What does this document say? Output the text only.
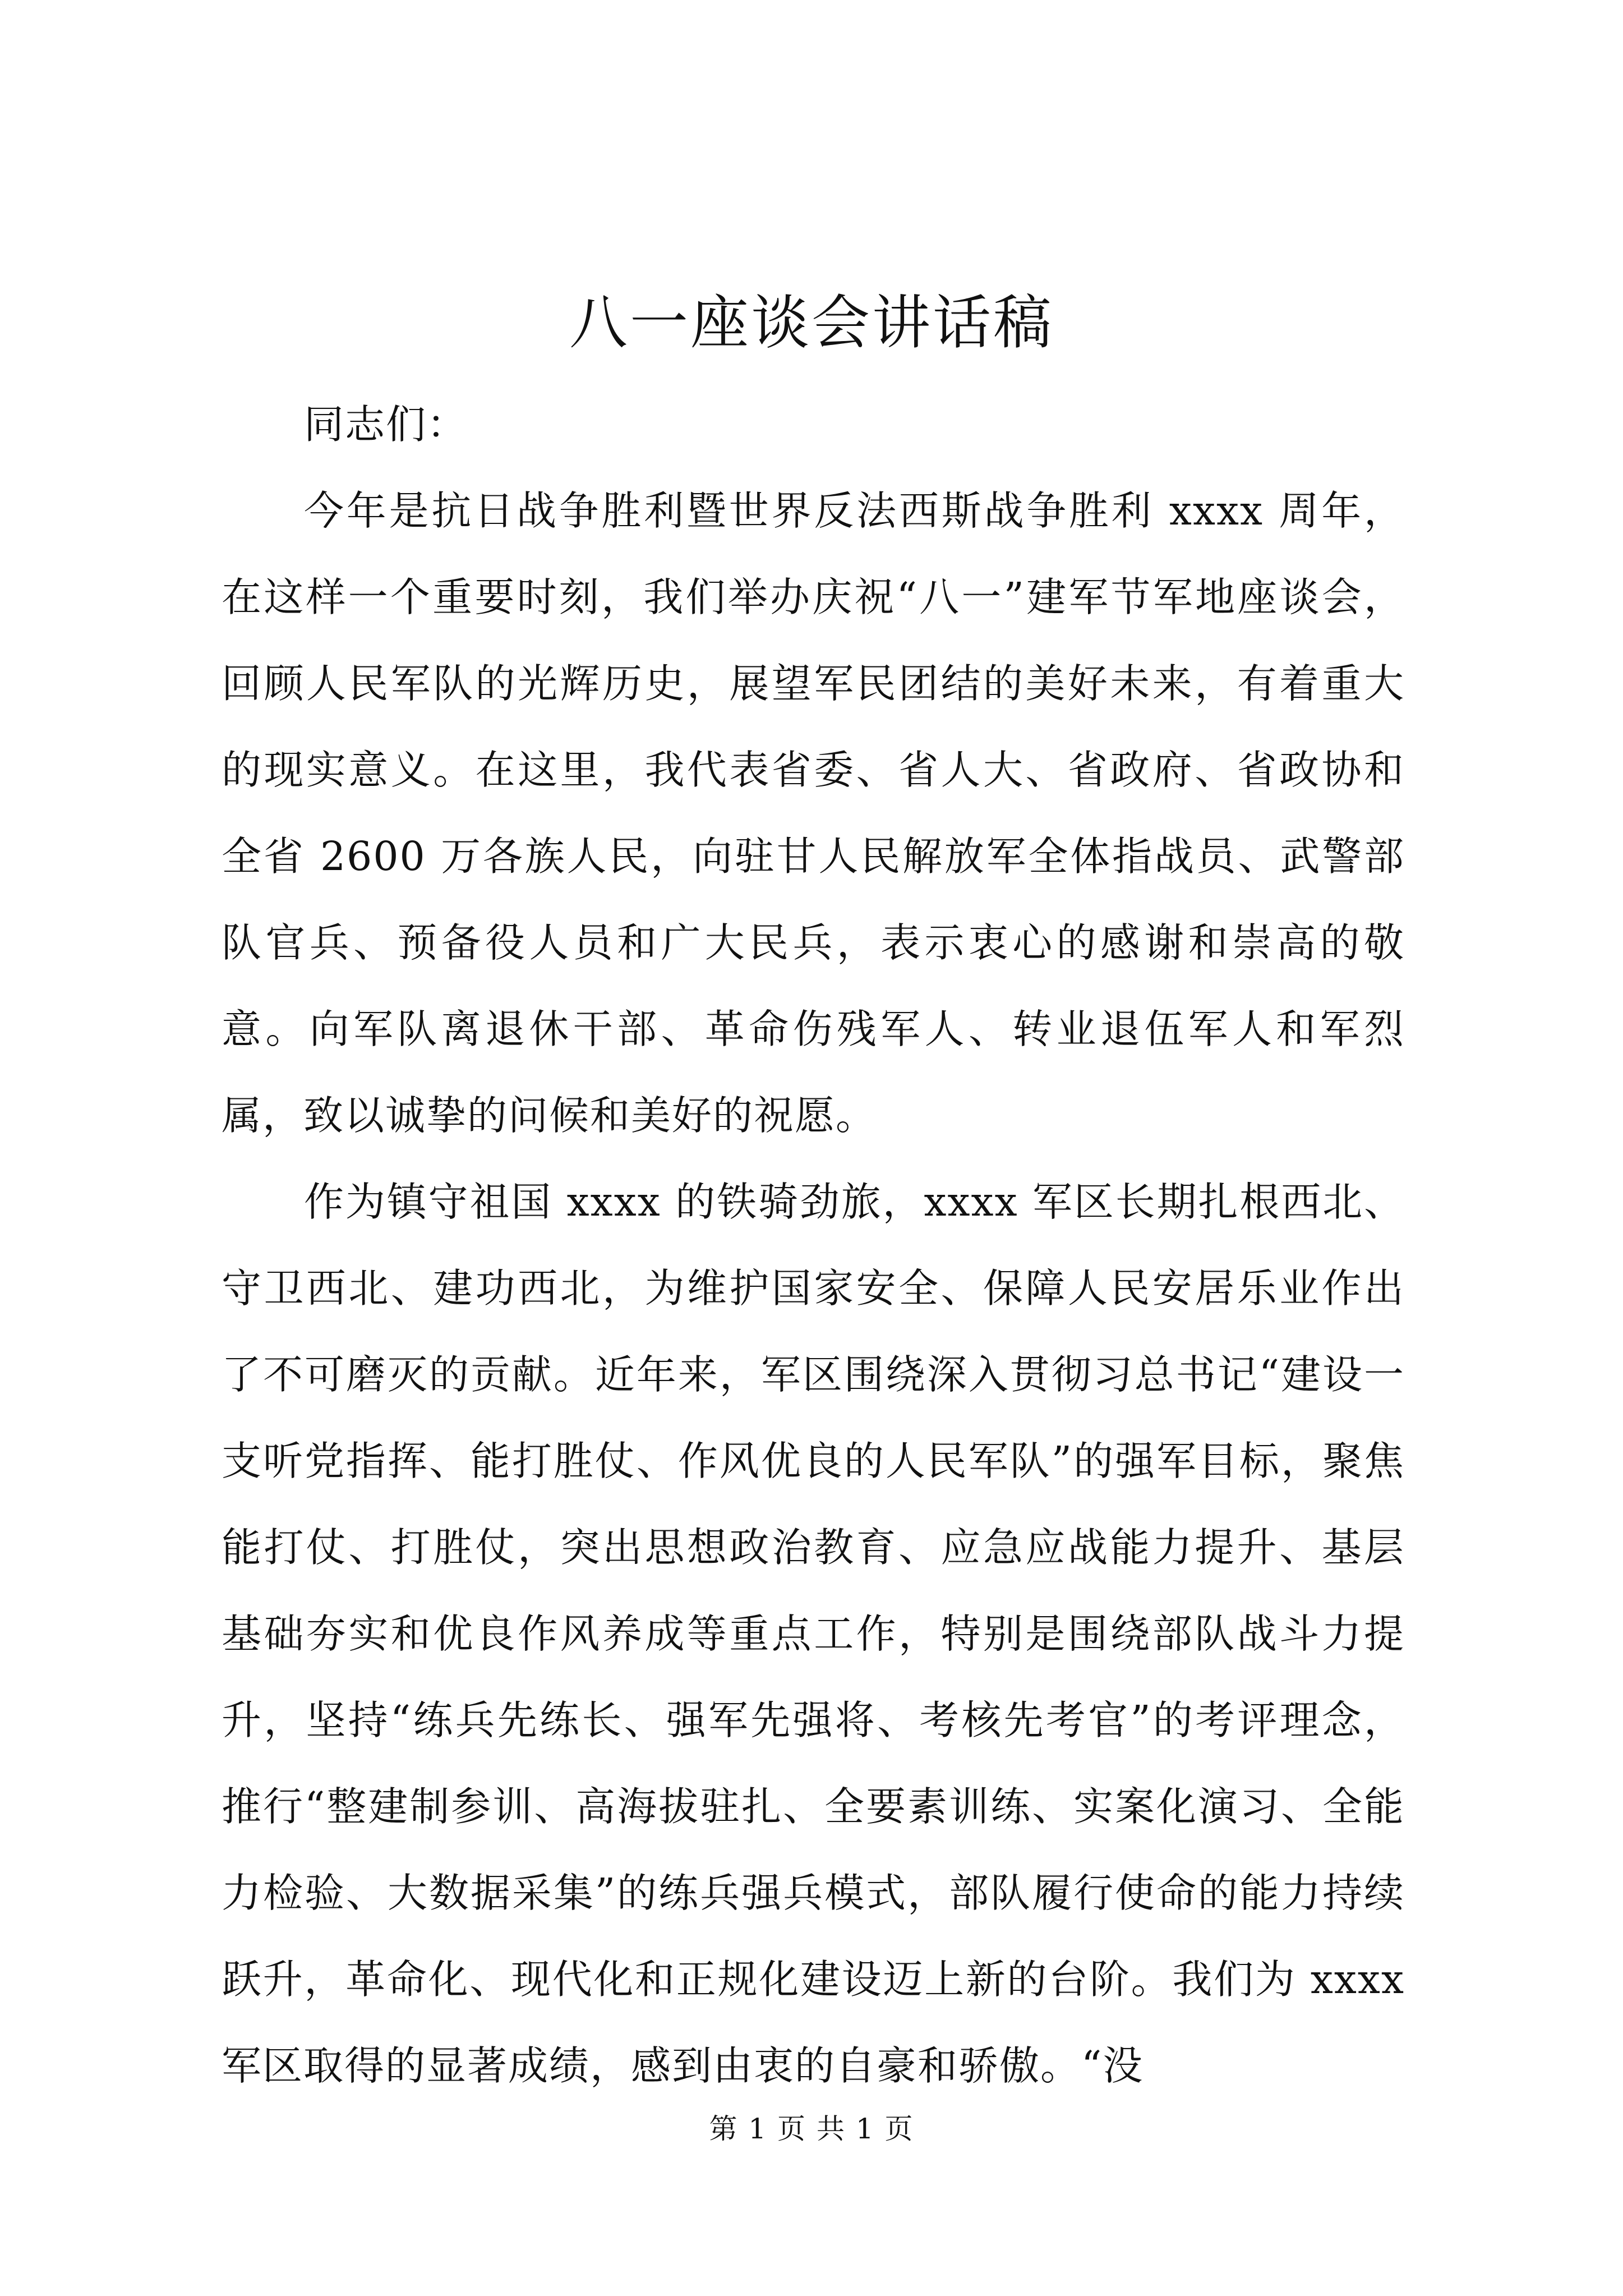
八一座谈会讲话稿

同志们：

今年是抗日战争胜利暨世界反法西斯战争胜利 xxxx 周年，在这样一个重要时刻，我们举办庆祝“八一”建军节军地座谈会，回顾人民军队的光辉历史，展望军民团结的美好未来，有着重大的现实意义。在这里，我代表省委、省人大、省政府、省政协和全省 2600 万各族人民，向驻甘人民解放军全体指战员、武警部队官兵、预备役人员和广大民兵，表示衷心的感谢和崇高的敬意。向军队离退休干部、革命伤残军人、转业退伍军人和军烈属，致以诚挚的问候和美好的祝愿。

作为镇守祖国 xxxx 的铁骑劲旅，xxxx 军区长期扎根西北、守卫西北、建功西北，为维护国家安全、保障人民安居乐业作出了不可磨灭的贡献。近年来，军区围绕深入贯彻习总书记“建设一支听党指挥、能打胜仗、作风优良的人民军队”的强军目标，聚焦能打仗、打胜仗，突出思想政治教育、应急应战能力提升、基层基础夯实和优良作风养成等重点工作，特别是围绕部队战斗力提升，坚持“练兵先练长、强军先强将、考核先考官”的考评理念，推行“整建制参训、高海拔驻扎、全要素训练、实案化演习、全能力检验、大数据采集”的练兵强兵模式，部队履行使命的能力持续跃升，革命化、现代化和正规化建设迈上新的台阶。我们为 xxxx 军区取得的显著成绩，感到由衷的自豪和骄傲。“没

第 1 页 共 1 页
